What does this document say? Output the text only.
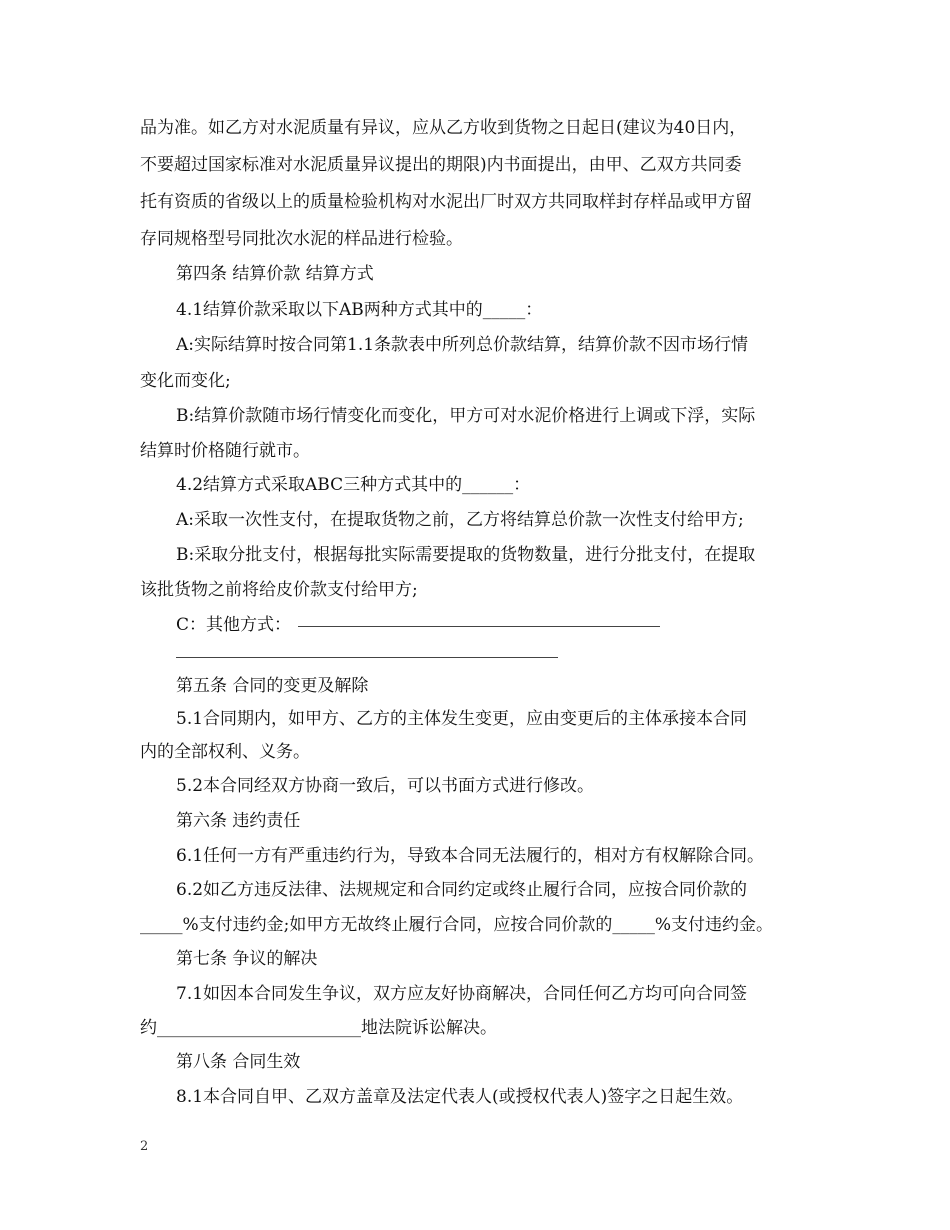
品为准。如乙方对水泥质量有异议，应从乙方收到货物之日起日(建议为40日内，
不要超过国家标准对水泥质量异议提出的期限)内书面提出，由甲、乙双方共同委
托有资质的省级以上的质量检验机构对水泥出厂时双方共同取样封存样品或甲方留
存同规格型号同批次水泥的样品进行检验。
第四条 结算价款 结算方式
4.1结算价款采取以下AB两种方式其中的_____：
A:实际结算时按合同第1.1条款表中所列总价款结算，结算价款不因市场行情
变化而变化;
B:结算价款随市场行情变化而变化，甲方可对水泥价格进行上调或下浮，实际
结算时价格随行就市。
4.2结算方式采取ABC三种方式其中的______：
A:采取一次性支付，在提取货物之前，乙方将结算总价款一次性支付给甲方;
B:采取分批支付，根据每批实际需要提取的货物数量，进行分批支付，在提取
该批货物之前将给皮价款支付给甲方;
C：其他方式：
第五条 合同的变更及解除
5.1合同期内，如甲方、乙方的主体发生变更，应由变更后的主体承接本合同
内的全部权利、义务。
5.2本合同经双方协商一致后，可以书面方式进行修改。
第六条 违约责任
6.1任何一方有严重违约行为，导致本合同无法履行的，相对方有权解除合同。
6.2如乙方违反法律、法规规定和合同约定或终止履行合同，应按合同价款的
_____%支付违约金;如甲方无故终止履行合同，应按合同价款的_____%支付违约金。
第七条 争议的解决
7.1如因本合同发生争议，双方应友好协商解决，合同任何乙方均可向合同签
约________________________地法院诉讼解决。
第八条 合同生效
8.1本合同自甲、乙双方盖章及法定代表人(或授权代表人)签字之日起生效。
2
